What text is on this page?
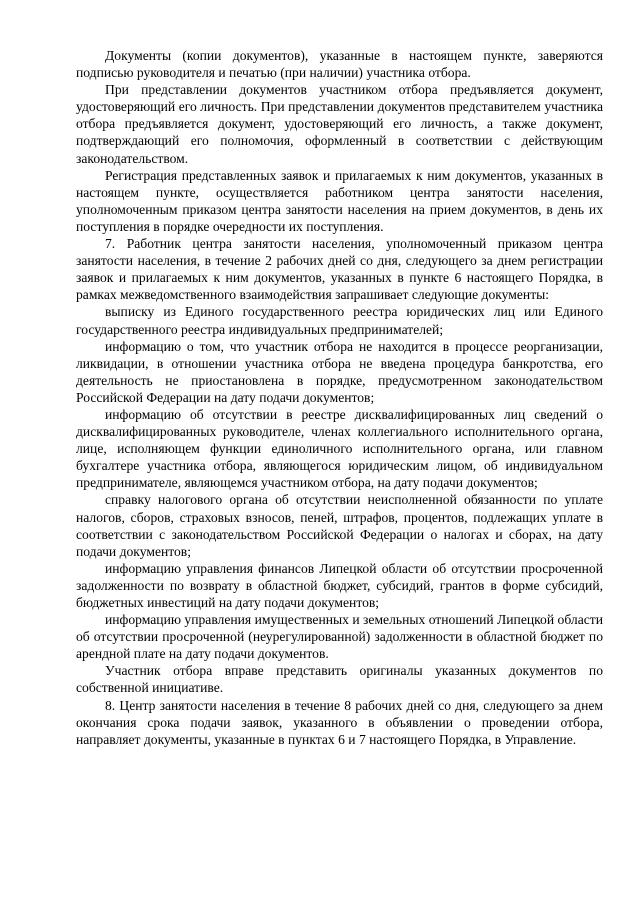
Документы (копии документов), указанные в настоящем пункте, заверяются подписью руководителя и печатью (при наличии) участника отбора.

При представлении документов участником отбора предъявляется документ, удостоверяющий его личность. При представлении документов представителем участника отбора предъявляется документ, удостоверяющий его личность, а также документ, подтверждающий его полномочия, оформленный в соответствии с действующим законодательством.

Регистрация представленных заявок и прилагаемых к ним документов, указанных в настоящем пункте, осуществляется работником центра занятости населения, уполномоченным приказом центра занятости населения на прием документов, в день их поступления в порядке очередности их поступления.

7. Работник центра занятости населения, уполномоченный приказом центра занятости населения, в течение 2 рабочих дней со дня, следующего за днем регистрации заявок и прилагаемых к ним документов, указанных в пункте 6 настоящего Порядка, в рамках межведомственного взаимодействия запрашивает следующие документы:

выписку из Единого государственного реестра юридических лиц или Единого государственного реестра индивидуальных предпринимателей;

информацию о том, что участник отбора не находится в процессе реорганизации, ликвидации, в отношении участника отбора не введена процедура банкротства, его деятельность не приостановлена в порядке, предусмотренном законодательством Российской Федерации на дату подачи документов;

информацию об отсутствии в реестре дисквалифицированных лиц сведений о дисквалифицированных руководителе, членах коллегиального исполнительного органа, лице, исполняющем функции единоличного исполнительного органа, или главном бухгалтере участника отбора, являющегося юридическим лицом, об индивидуальном предпринимателе, являющемся участником отбора, на дату подачи документов;

справку налогового органа об отсутствии неисполненной обязанности по уплате налогов, сборов, страховых взносов, пеней, штрафов, процентов, подлежащих уплате в соответствии с законодательством Российской Федерации о налогах и сборах, на дату подачи документов;

информацию управления финансов Липецкой области об отсутствии просроченной задолженности по возврату в областной бюджет, субсидий, грантов в форме субсидий, бюджетных инвестиций на дату подачи документов;

информацию управления имущественных и земельных отношений Липецкой области об отсутствии просроченной (неурегулированной) задолженности в областной бюджет по арендной плате на дату подачи документов.

Участник отбора вправе представить оригиналы указанных документов по собственной инициативе.

8. Центр занятости населения в течение 8 рабочих дней со дня, следующего за днем окончания срока подачи заявок, указанного в объявлении о проведении отбора, направляет документы, указанные в пунктах 6 и 7 настоящего Порядка, в Управление.
